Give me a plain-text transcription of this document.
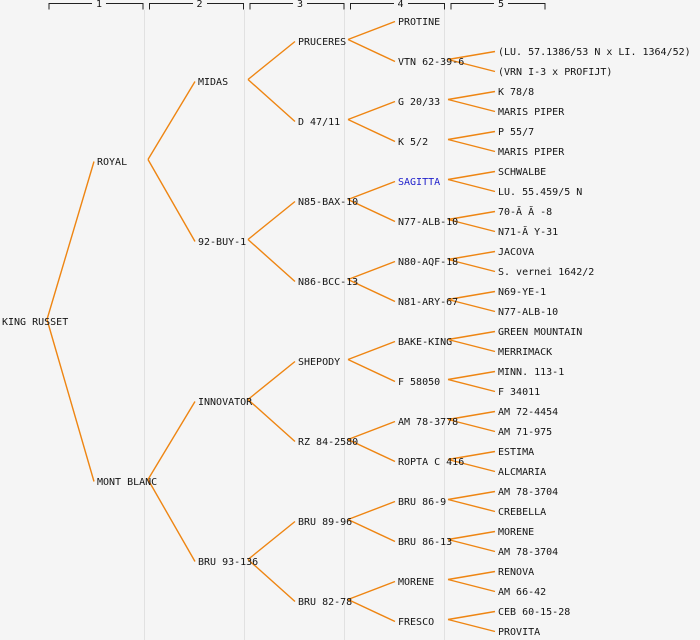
1	2	3	4	5
KING RUSSET
ROYAL
MIDAS
PRUCERES
PROTINE
VTN 62-39-6
(LU. 57.1386/53 N x LI. 1364/52)
(VRN I-3 x PROFIJT)
D 47/11
G 20/33
K 78/8
MARIS PIPER
K 5/2
P 55/7
MARIS PIPER
92-BUY-1
N85-BAX-10
SAGITTA
SCHWALBE
LU. 55.459/5 N
N77-ALB-10
70-Ă Ă -8
N71-Ă Y-31
N86-BCC-13
N80-AQF-18
JACOVA
S. vernei 1642/2
N81-ARY-67
N69-YE-1
N77-ALB-10
MONT BLANC
INNOVATOR
SHEPODY
BAKE-KING
GREEN MOUNTAIN
MERRIMACK
F 58050
MINN. 113-1
F 34011
RZ 84-2580
AM 78-3778
AM 72-4454
AM 71-975
ROPTA C 416
ESTIMA
ALCMARIA
BRU 93-136
BRU 89-96
BRU 86-9
AM 78-3704
CREBELLA
BRU 86-13
MORENE
AM 78-3704
BRU 82-78
MORENE
RENOVA
AM 66-42
FRESCO
CEB 60-15-28
PROVITA
